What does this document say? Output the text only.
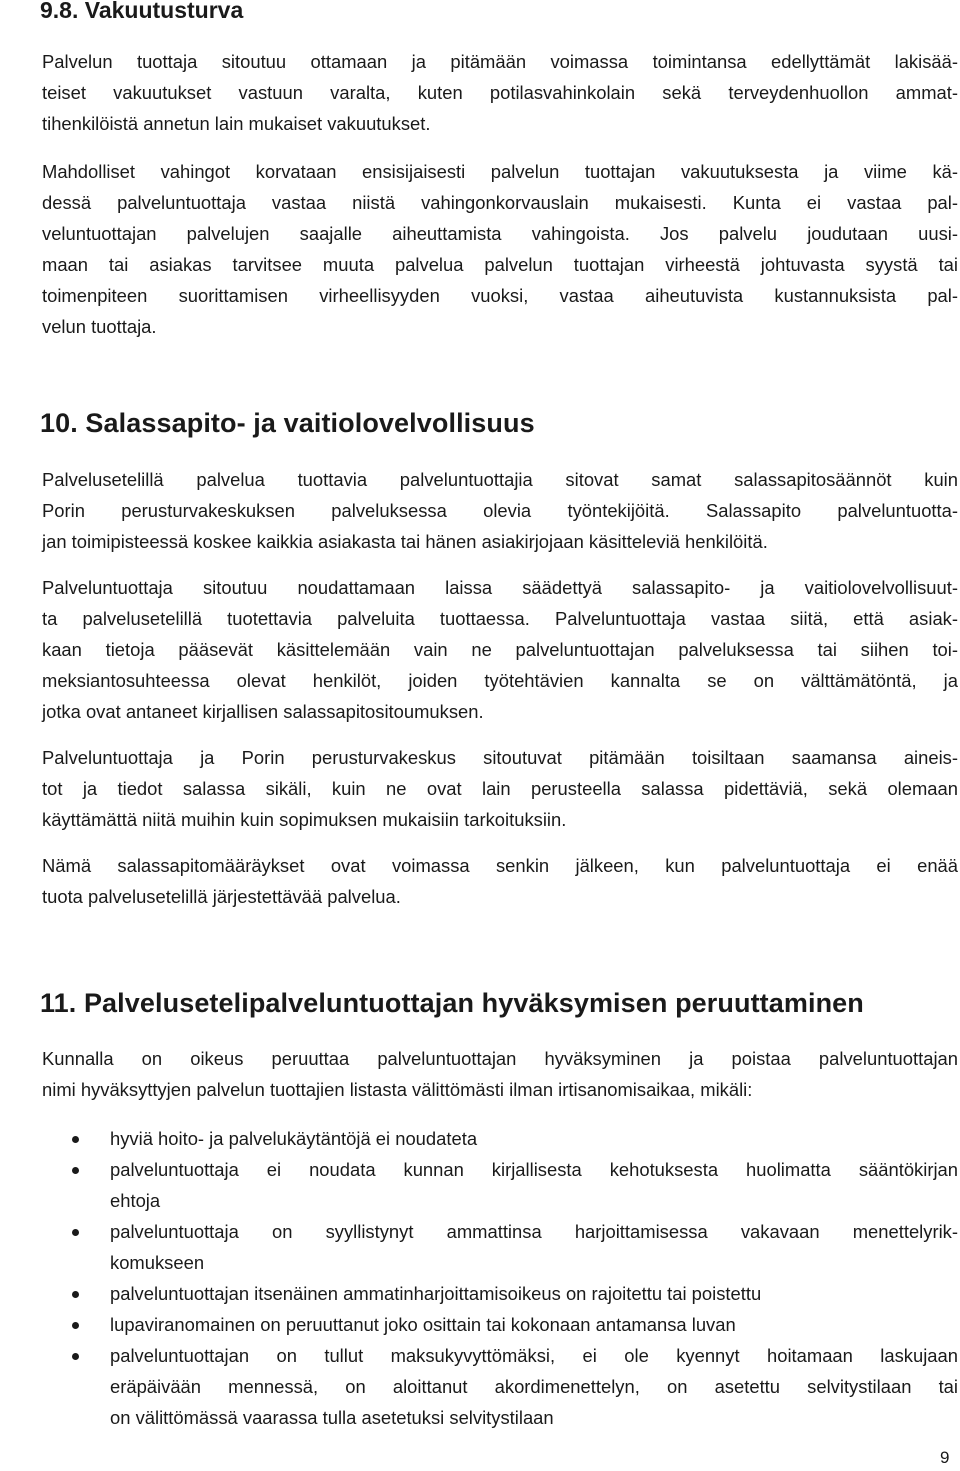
9.8. Vakuutusturva
Palvelun tuottaja sitoutuu ottamaan ja pitämään voimassa toimintansa edellyttämät lakisää-
teiset vakuutukset vastuun varalta, kuten potilasvahinkolain sekä terveydenhuollon ammat-
tihenkilöistä annetun lain mukaiset vakuutukset.
Mahdolliset vahingot korvataan ensisijaisesti palvelun tuottajan vakuutuksesta ja viime kä-
dessä palveluntuottaja vastaa niistä vahingonkorvauslain mukaisesti. Kunta ei vastaa pal-
veluntuottajan palvelujen saajalle aiheuttamista vahingoista. Jos palvelu joudutaan uusi-
maan tai asiakas tarvitsee muuta palvelua palvelun tuottajan virheestä johtuvasta syystä tai
toimenpiteen suorittamisen virheellisyyden vuoksi, vastaa aiheutuvista kustannuksista pal-
velun tuottaja.
10. Salassapito- ja vaitiolovelvollisuus
Palvelusetelillä palvelua tuottavia palveluntuottajia sitovat samat salassapitosäännöt kuin
Porin perusturvakeskuksen palveluksessa olevia työntekijöitä. Salassapito palveluntuotta-
jan toimipisteessä koskee kaikkia asiakasta tai hänen asiakirjojaan käsitteleviä henkilöitä.
Palveluntuottaja sitoutuu noudattamaan laissa säädettyä salassapito- ja vaitiolovelvollisuut-
ta palvelusetelillä tuotettavia palveluita tuottaessa. Palveluntuottaja vastaa siitä, että asiak-
kaan tietoja pääsevät käsittelemään vain ne palveluntuottajan palveluksessa tai siihen toi-
meksiantosuhteessa olevat henkilöt, joiden työtehtävien kannalta se on välttämätöntä, ja
jotka ovat antaneet kirjallisen salassapitositoumuksen.
Palveluntuottaja ja Porin perusturvakeskus sitoutuvat pitämään toisiltaan saamansa aineis-
tot ja tiedot salassa sikäli, kuin ne ovat lain perusteella salassa pidettäviä, sekä olemaan
käyttämättä niitä muihin kuin sopimuksen mukaisiin tarkoituksiin.
Nämä salassapitomääräykset ovat voimassa senkin jälkeen, kun palveluntuottaja ei enää
tuota palvelusetelillä järjestettävää palvelua.
11. Palvelusetelipalveluntuottajan hyväksymisen peruuttaminen
Kunnalla on oikeus peruuttaa palveluntuottajan hyväksyminen ja poistaa palveluntuottajan
nimi hyväksyttyjen palvelun tuottajien listasta välittömästi ilman irtisanomisaikaa, mikäli:
hyviä hoito- ja palvelukäytäntöjä ei noudateta
palveluntuottaja ei noudata kunnan kirjallisesta kehotuksesta huolimatta sääntökirjan
ehtoja
palveluntuottaja on syyllistynyt ammattinsa harjoittamisessa vakavaan menettelyrik-
komukseen
palveluntuottajan itsenäinen ammatinharjoittamisoikeus on rajoitettu tai poistettu
lupaviranomainen on peruuttanut joko osittain tai kokonaan antamansa luvan
palveluntuottajan on tullut maksukyvyttömäksi, ei ole kyennyt hoitamaan laskujaan
eräpäivään mennessä, on aloittanut akordimenettelyn, on asetettu selvitystilaan tai
on välittömässä vaarassa tulla asetetuksi selvitystilaan
9
